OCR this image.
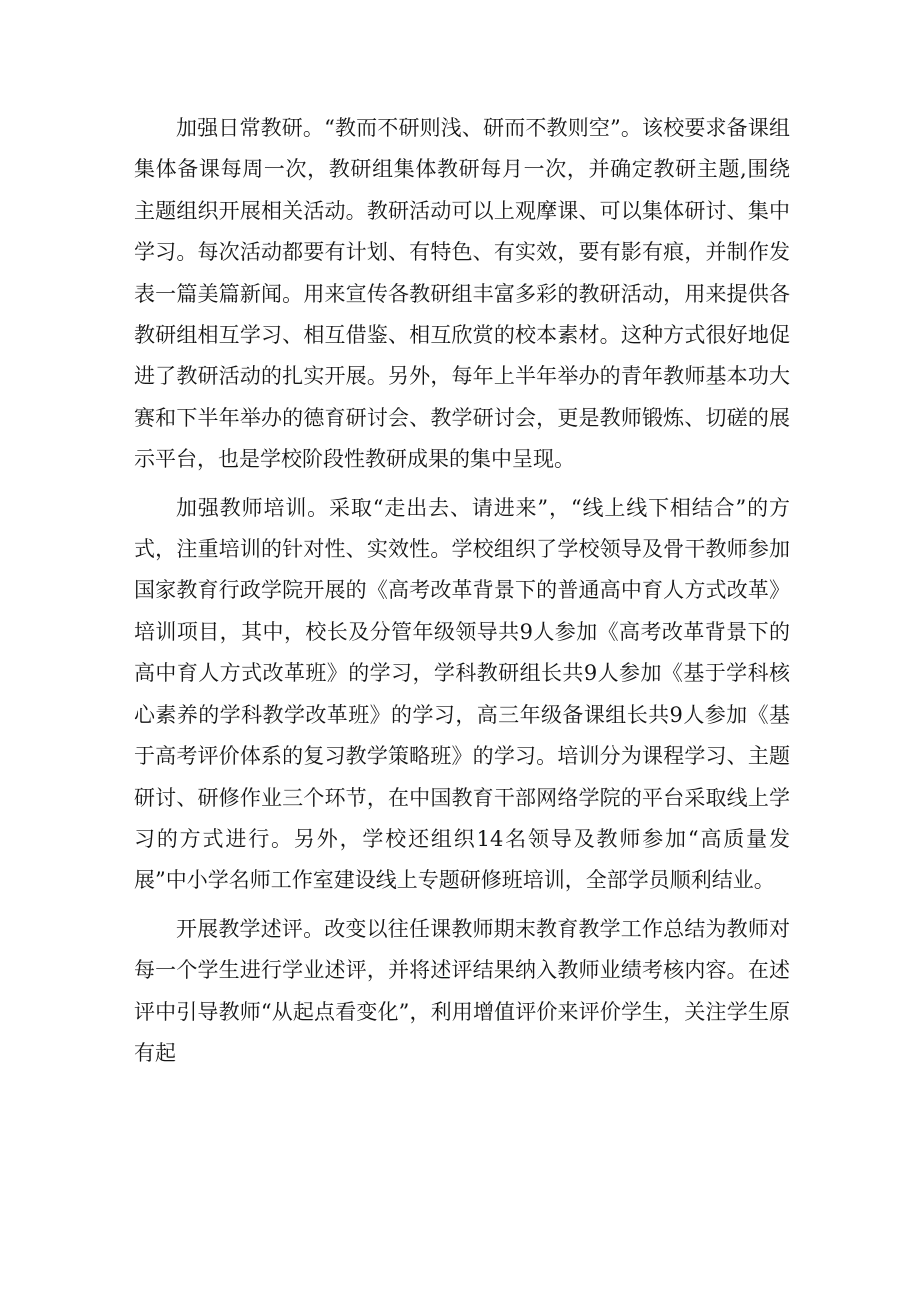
加强日常教研。“教而不研则浅、研而不教则空”。该校要求备课组集体备课每周一次，教研组集体教研每月一次，并确定教研主题,围绕主题组织开展相关活动。教研活动可以上观摩课、可以集体研讨、集中学习。每次活动都要有计划、有特色、有实效，要有影有痕，并制作发表一篇美篇新闻。用来宣传各教研组丰富多彩的教研活动，用来提供各教研组相互学习、相互借鉴、相互欣赏的校本素材。这种方式很好地促进了教研活动的扎实开展。另外，每年上半年举办的青年教师基本功大赛和下半年举办的德育研讨会、教学研讨会，更是教师锻炼、切磋的展示平台，也是学校阶段性教研成果的集中呈现。

加强教师培训。采取“走出去、请进来”，“线上线下相结合”的方式，注重培训的针对性、实效性。学校组织了学校领导及骨干教师参加国家教育行政学院开展的《高考改革背景下的普通高中育人方式改革》培训项目，其中，校长及分管年级领导共9人参加《高考改革背景下的高中育人方式改革班》的学习，学科教研组长共9人参加《基于学科核心素养的学科教学改革班》的学习，高三年级备课组长共9人参加《基于高考评价体系的复习教学策略班》的学习。培训分为课程学习、主题研讨、研修作业三个环节，在中国教育干部网络学院的平台采取线上学习的方式进行。另外，学校还组织14名领导及教师参加“高质量发展”中小学名师工作室建设线上专题研修班培训，全部学员顺利结业。

开展教学述评。改变以往任课教师期末教育教学工作总结为教师对每一个学生进行学业述评，并将述评结果纳入教师业绩考核内容。在述评中引导教师“从起点看变化”，利用增值评价来评价学生，关注学生原有起
